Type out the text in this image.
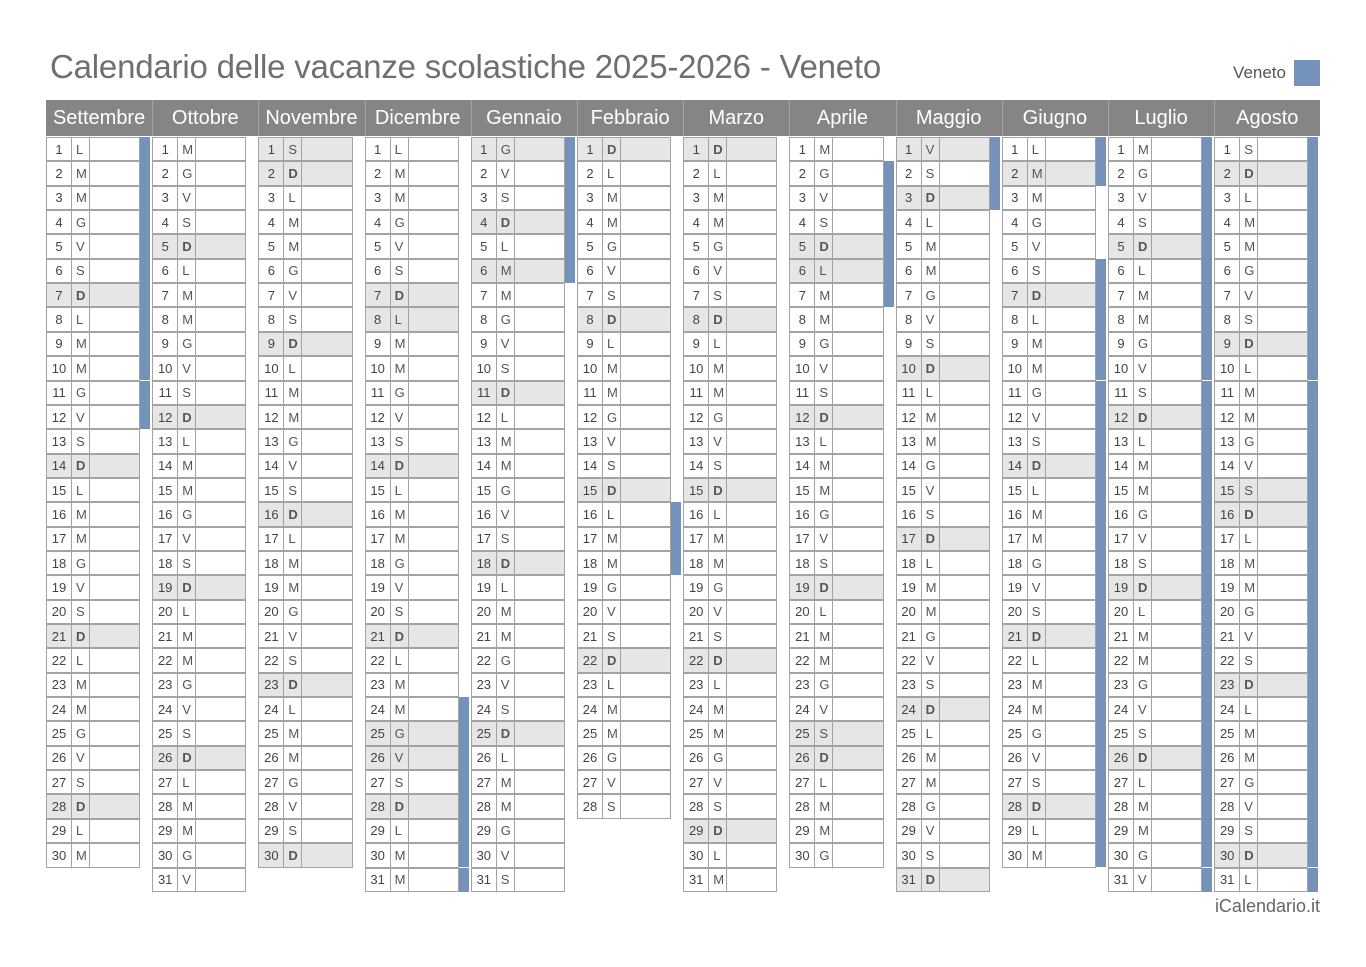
Calendario delle vacanze scolastiche 2025-2026 - Veneto	Veneto
Settembre
1	L
2	M
3	M
4	G
5	V
6	S
7	D
8	L
9	M
10 M
11 G
12 V
13 S
14 D
15 L
16 M
17 M
18 G
19 V
20 S
21 D
22 L
23 M
24 M
25 G
26 V
27 S
28 D
29 L
30 M
Ottobre
1	M
2	G
3	V
4	S
5	D
6	L
7	M
8	M
9	G
10 V
11 S
12 D
13 L
14 M
15 M
16 G
17 V
18 S
19 D
20 L
21 M
22 M
23 G
24 V
25 S
26 D
27 L
28 M
29 M
30 G
31 V
Novembre
1	S
2	D
3	L
4	M
5	M
6	G
7	V
8	S
9	D
10 L
11 M
12 M
13 G
14 V
15 S
16 D
17 L
18 M
19 M
20 G
21 V
22 S
23 D
24 L
25 M
26 M
27 G
28 V
29 S
30 D
Dicembre
1	L
2	M
3	M
4	G
5	V
6	S
7	D
8	L
9	M
10 M
11 G
12 V
13 S
14 D
15 L
16 M
17 M
18 G
19 V
20 S
21 D
22 L
23 M
24 M
25 G
26 V
27 S
28 D
29 L
30 M
31 M
Gennaio
1	G
2	V
3	S
4	D
5	L
6	M
7	M
8	G
9	V
10 S
11 D
12 L
13 M
14 M
15 G
16 V
17 S
18 D
19 L
20 M
21 M
22 G
23 V
24 S
25 D
26 L
27 M
28 M
29 G
30 V
31 S
Febbraio
1	D
2	L
3	M
4	M
5	G
6	V
7	S
8	D
9	L
10 M
11 M
12 G
13 V
14 S
15 D
16 L
17 M
18 M
19 G
20 V
21 S
22 D
23 L
24 M
25 M
26 G
27 V
28 S
Marzo
1	D
2	L
3	M
4	M
5	G
6	V
7	S
8	D
9	L
10 M
11 M
12 G
13 V
14 S
15 D
16 L
17 M
18 M
19 G
20 V
21 S
22 D
23 L
24 M
25 M
26 G
27 V
28 S
29 D
30 L
31 M
Aprile
1	M
2	G
3	V
4	S
5	D
6	L
7	M
8	M
9	G
10 V
11 S
12 D
13 L
14 M
15 M
16 G
17 V
18 S
19 D
20 L
21 M
22 M
23 G
24 V
25 S
26 D
27 L
28 M
29 M
30 G
Maggio
1	V
2	S
3	D
4	L
5	M
6	M
7	G
8	V
9	S
10 D
11 L
12 M
13 M
14 G
15 V
16 S
17 D
18 L
19 M
20 M
21 G
22 V
23 S
24 D
25 L
26 M
27 M
28 G
29 V
30 S
31 D
Giugno
1	L
2	M
3	M
4	G
5	V
6	S
7	D
8	L
9	M
10 M
11 G
12 V
13 S
14 D
15 L
16 M
17 M
18 G
19 V
20 S
21 D
22 L
23 M
24 M
25 G
26 V
27 S
28 D
29 L
30 M
Luglio
1	M
2	G
3	V
4	S
5	D
6	L
7	M
8	M
9	G
10 V
11 S
12 D
13 L
14 M
15 M
16 G
17 V
18 S
19 D
20 L
21 M
22 M
23 G
24 V
25 S
26 D
27 L
28 M
29 M
30 G
31 V
Agosto
1	S
2	D
3	L
4	M
5	M
6	G
7	V
8	S
9	D
10 L
11 M
12 M
13 G
14 V
15 S
16 D
17 L
18 M
19 M
20 G
21 V
22 S
23 D
24 L
25 M
26 M
27 G
28 V
29 S
30 D
31 L
iCalendario.it
